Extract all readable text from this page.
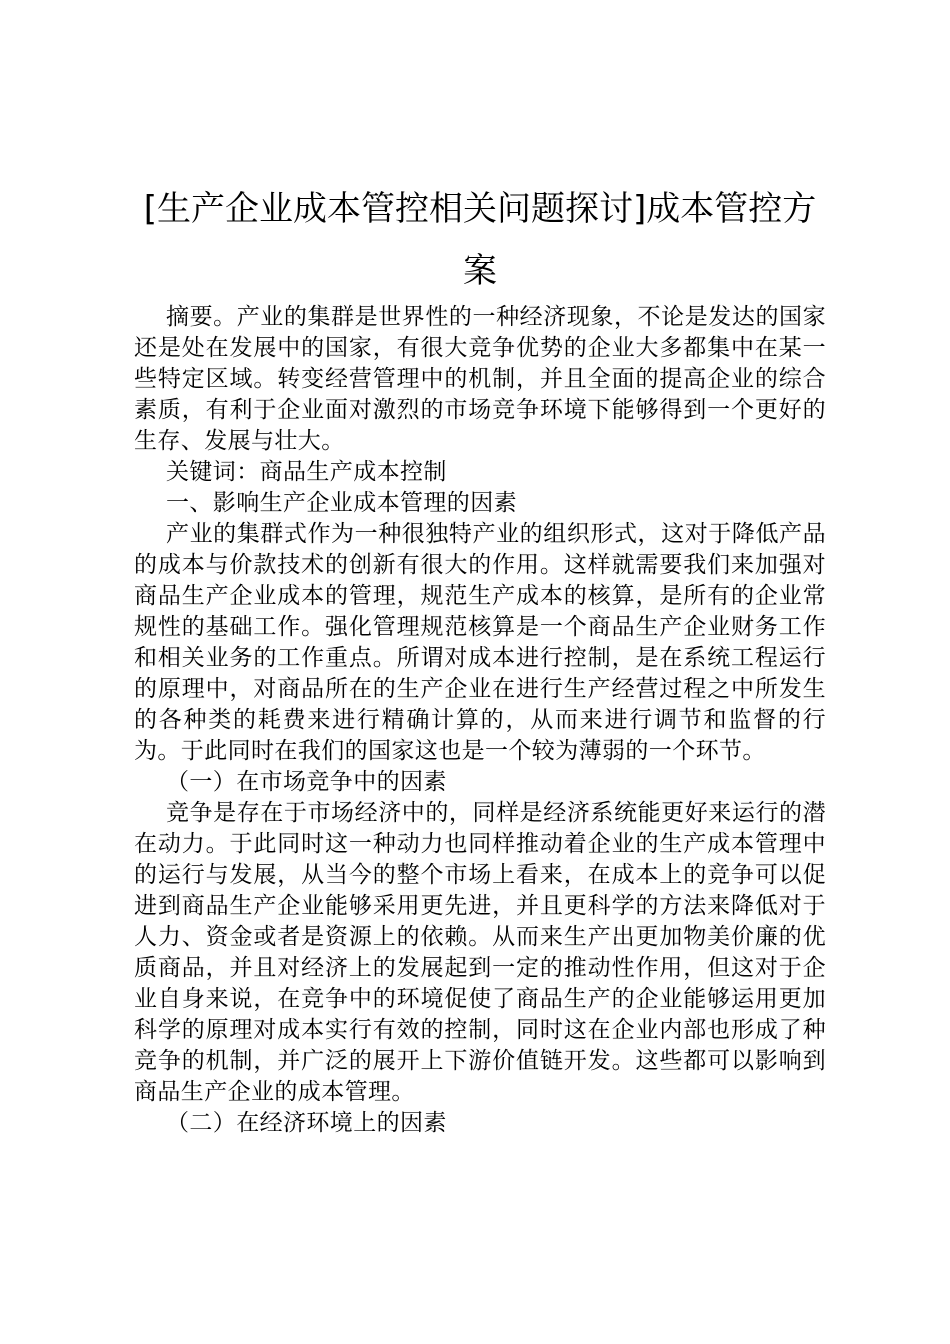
[生产企业成本管控相关问题探讨]成本管控方
案

摘要。产业的集群是世界性的一种经济现象，不论是发达的国家还是处在发展中的国家，有很大竞争优势的企业大多都集中在某一些特定区域。转变经营管理中的机制，并且全面的提高企业的综合素质，有利于企业面对激烈的市场竞争环境下能够得到一个更好的生存、发展与壮大。

关键词：商品生产成本控制

一、影响生产企业成本管理的因素

产业的集群式作为一种很独特产业的组织形式，这对于降低产品的成本与价款技术的创新有很大的作用。这样就需要我们来加强对商品生产企业成本的管理，规范生产成本的核算，是所有的企业常规性的基础工作。强化管理规范核算是一个商品生产企业财务工作和相关业务的工作重点。所谓对成本进行控制，是在系统工程运行的原理中，对商品所在的生产企业在进行生产经营过程之中所发生的各种类的耗费来进行精确计算的，从而来进行调节和监督的行为。于此同时在我们的国家这也是一个较为薄弱的一个环节。

（一）在市场竞争中的因素

竞争是存在于市场经济中的，同样是经济系统能更好来运行的潜在动力。于此同时这一种动力也同样推动着企业的生产成本管理中的运行与发展，从当今的整个市场上看来，在成本上的竞争可以促进到商品生产企业能够采用更先进，并且更科学的方法来降低对于人力、资金或者是资源上的依赖。从而来生产出更加物美价廉的优质商品，并且对经济上的发展起到一定的推动性作用，但这对于企业自身来说，在竞争中的环境促使了商品生产的企业能够运用更加科学的原理对成本实行有效的控制，同时这在企业内部也形成了种竞争的机制，并广泛的展开上下游价值链开发。这些都可以影响到商品生产企业的成本管理。

（二）在经济环境上的因素
